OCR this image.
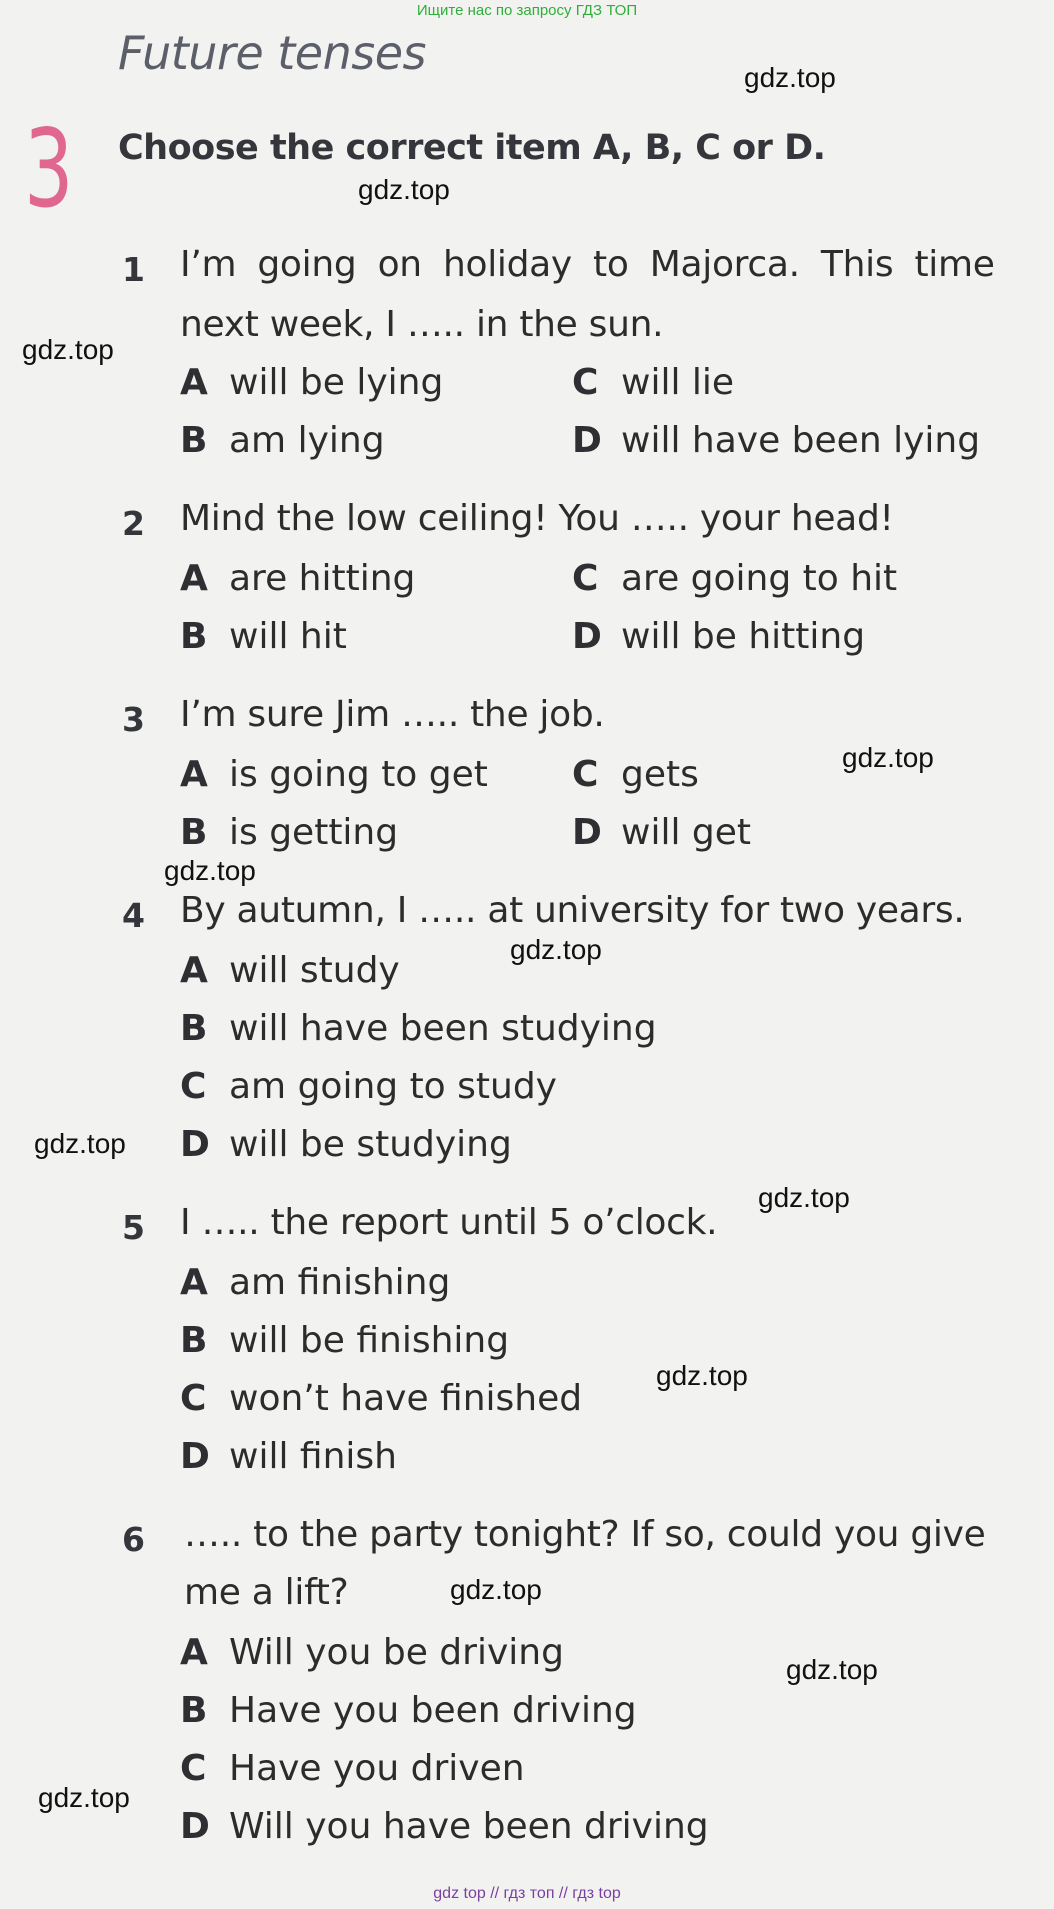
Ищите нас по запросу ГДЗ ТОП
Future tenses
3 Choose the correct item A, B, C or D.
1 I’m going on holiday to Majorca. This time
next week, I ….. in the sun.
A will be lying	C will lie
B am lying	D will have been lying
2 Mind the low ceiling! You ….. your head!
A are hitting	C are going to hit
B will hit	D will be hitting
3 I’m sure Jim ….. the job.
A is going to get C gets
B is getting	D will get
4 By autumn, I ….. at university for two years.
A will study
B will have been studying
C am going to study
D will be studying
5 I ….. the report until 5 o’clock.
A am finishing
B will be finishing
C won’t have finished
D will finish
6 ….. to the party tonight? If so, could you give
me a lift?
A Will you be driving
B Have you been driving
C Have you driven
D Will you have been driving
gdz.top
gdz.top
gdz.top
gdz.top
gdz.top
gdz.top
gdz.top
gdz.top
gdz.top
gdz.top
gdz.top
gdz.top
gdz top // гдз топ // гдз top
